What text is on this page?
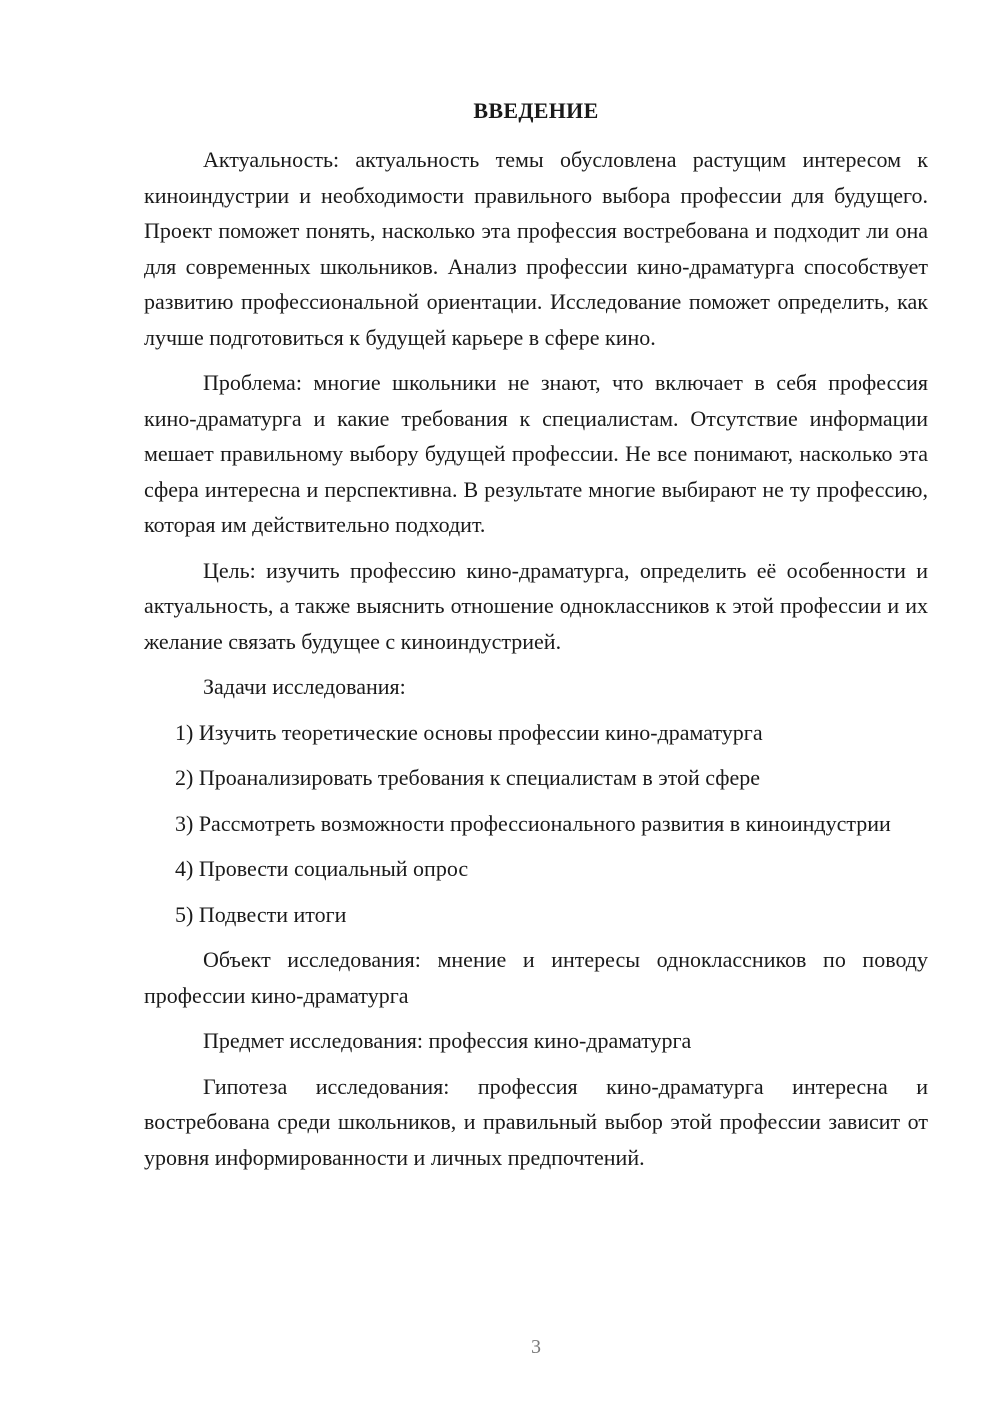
ВВЕДЕНИЕ

Актуальность: актуальность темы обусловлена растущим интересом к киноиндустрии и необходимости правильного выбора профессии для будущего. Проект поможет понять, насколько эта профессия востребована и подходит ли она для современных школьников. Анализ профессии кино-драматурга способствует развитию профессиональной ориентации. Исследование поможет определить, как лучше подготовиться к будущей карьере в сфере кино.

Проблема: многие школьники не знают, что включает в себя профессия кино-драматурга и какие требования к специалистам. Отсутствие информации мешает правильному выбору будущей профессии. Не все понимают, насколько эта сфера интересна и перспективна. В результате многие выбирают не ту профессию, которая им действительно подходит.

Цель: изучить профессию кино-драматурга, определить её особенности и актуальность, а также выяснить отношение одноклассников к этой профессии и их желание связать будущее с киноиндустрией.

Задачи исследования:

1) Изучить теоретические основы профессии кино-драматурга

2) Проанализировать требования к специалистам в этой сфере

3) Рассмотреть возможности профессионального развития в киноиндустрии

4) Провести социальный опрос

5) Подвести итоги

Объект исследования: мнение и интересы одноклассников по поводу профессии кино-драматурга

Предмет исследования: профессия кино-драматурга

Гипотеза исследования: профессия кино-драматурга интересна и востребована среди школьников, и правильный выбор этой профессии зависит от уровня информированности и личных предпочтений.

3
